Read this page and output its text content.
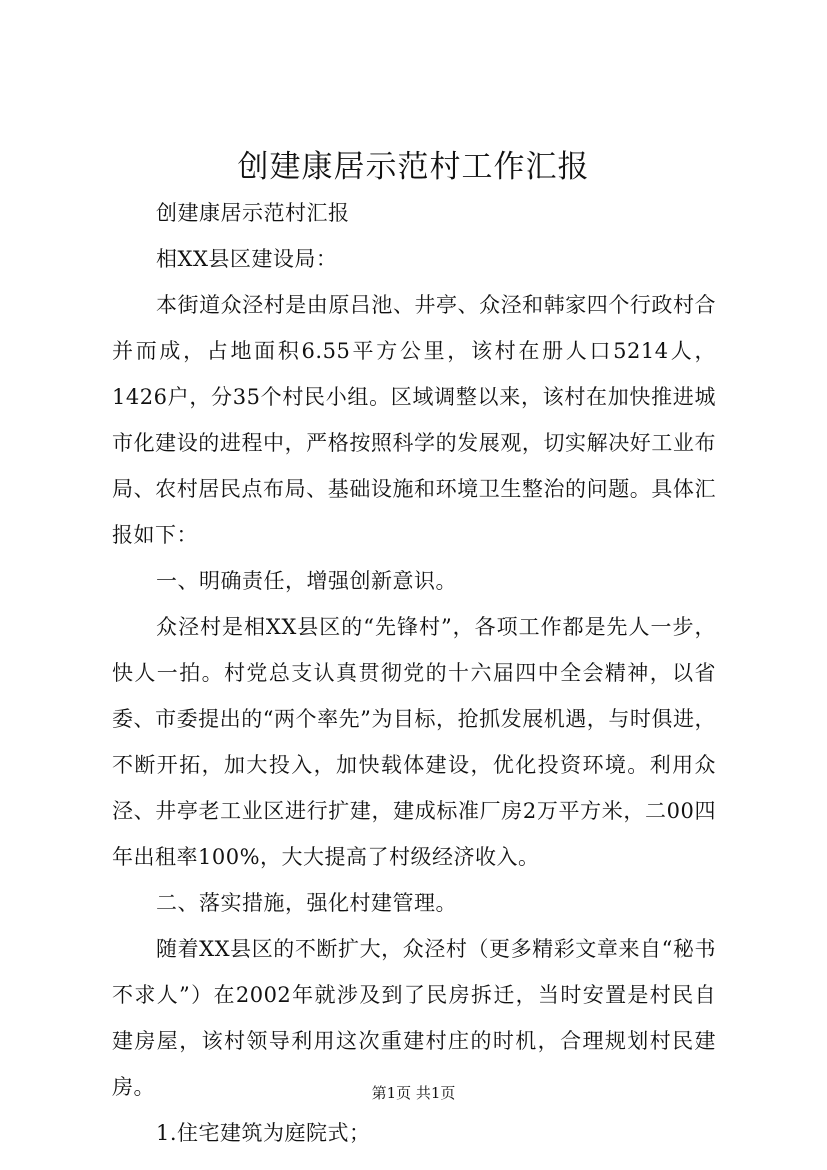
创建康居示范村工作汇报

创建康居示范村汇报

相XX县区建设局：

本街道众泾村是由原吕池、井亭、众泾和韩家四个行政村合并而成，占地面积6.55平方公里，该村在册人口5214人，1426户，分35个村民小组。区域调整以来，该村在加快推进城市化建设的进程中，严格按照科学的发展观，切实解决好工业布局、农村居民点布局、基础设施和环境卫生整治的问题。具体汇报如下：

一、明确责任，增强创新意识。

众泾村是相XX县区的“先锋村”，各项工作都是先人一步，快人一拍。村党总支认真贯彻党的十六届四中全会精神，以省委、市委提出的“两个率先”为目标，抢抓发展机遇，与时俱进，不断开拓，加大投入，加快载体建设，优化投资环境。利用众泾、井亭老工业区进行扩建，建成标准厂房2万平方米，二00四年出租率100%，大大提高了村级经济收入。

二、落实措施，强化村建管理。

随着XX县区的不断扩大，众泾村（更多精彩文章来自“秘书不求人”）在2002年就涉及到了民房拆迁，当时安置是村民自建房屋，该村领导利用这次重建村庄的时机，合理规划村民建房。

1.住宅建筑为庭院式；

第1页 共1页
